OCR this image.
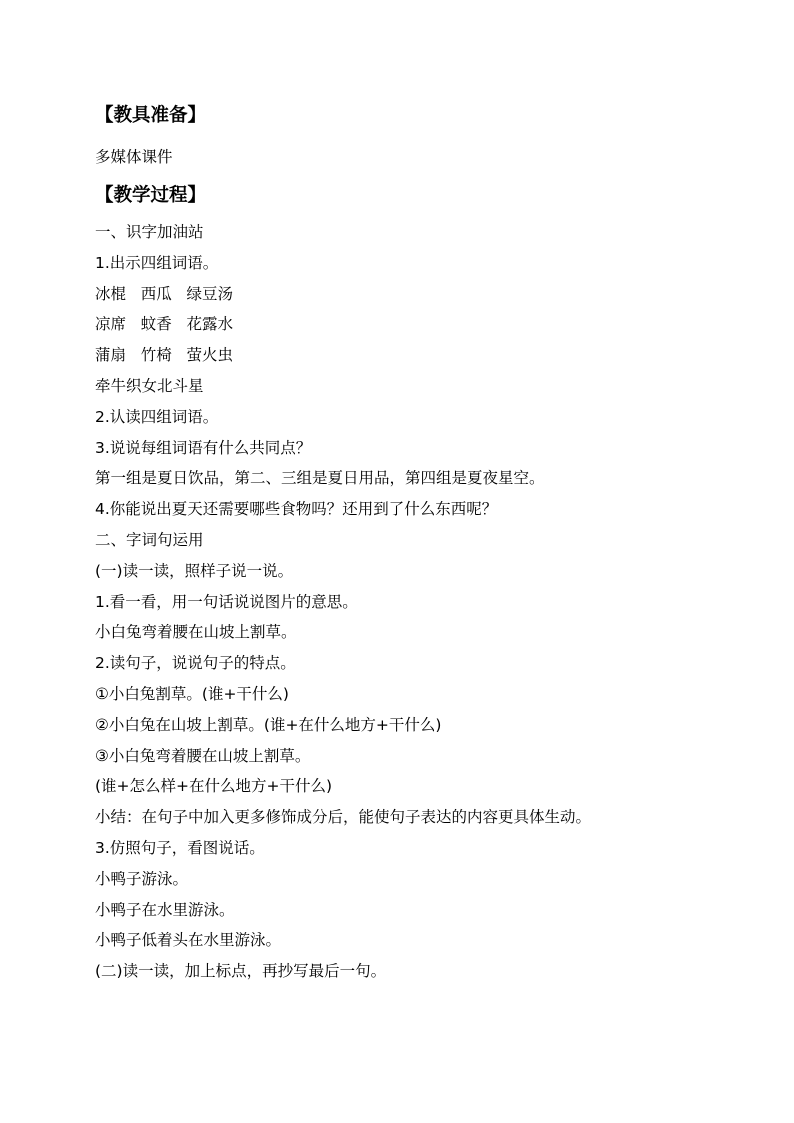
【教具准备】
多媒体课件
【教学过程】
一、识字加油站
1.出示四组词语。
冰棍   西瓜   绿豆汤
凉席   蚊香   花露水
蒲扇   竹椅   萤火虫
牵牛织女北斗星
2.认读四组词语。
3.说说每组词语有什么共同点？
第一组是夏日饮品，第二、三组是夏日用品，第四组是夏夜星空。
4.你能说出夏天还需要哪些食物吗？还用到了什么东西呢？
二、字词句运用
(一)读一读，照样子说一说。
1.看一看，用一句话说说图片的意思。
小白兔弯着腰在山坡上割草。
2.读句子，说说句子的特点。
①小白兔割草。(谁+干什么)
②小白兔在山坡上割草。(谁+在什么地方+干什么)
③小白兔弯着腰在山坡上割草。
(谁+怎么样+在什么地方+干什么)
小结：在句子中加入更多修饰成分后，能使句子表达的内容更具体生动。
3.仿照句子，看图说话。
小鸭子游泳。
小鸭子在水里游泳。
小鸭子低着头在水里游泳。
(二)读一读，加上标点，再抄写最后一句。
